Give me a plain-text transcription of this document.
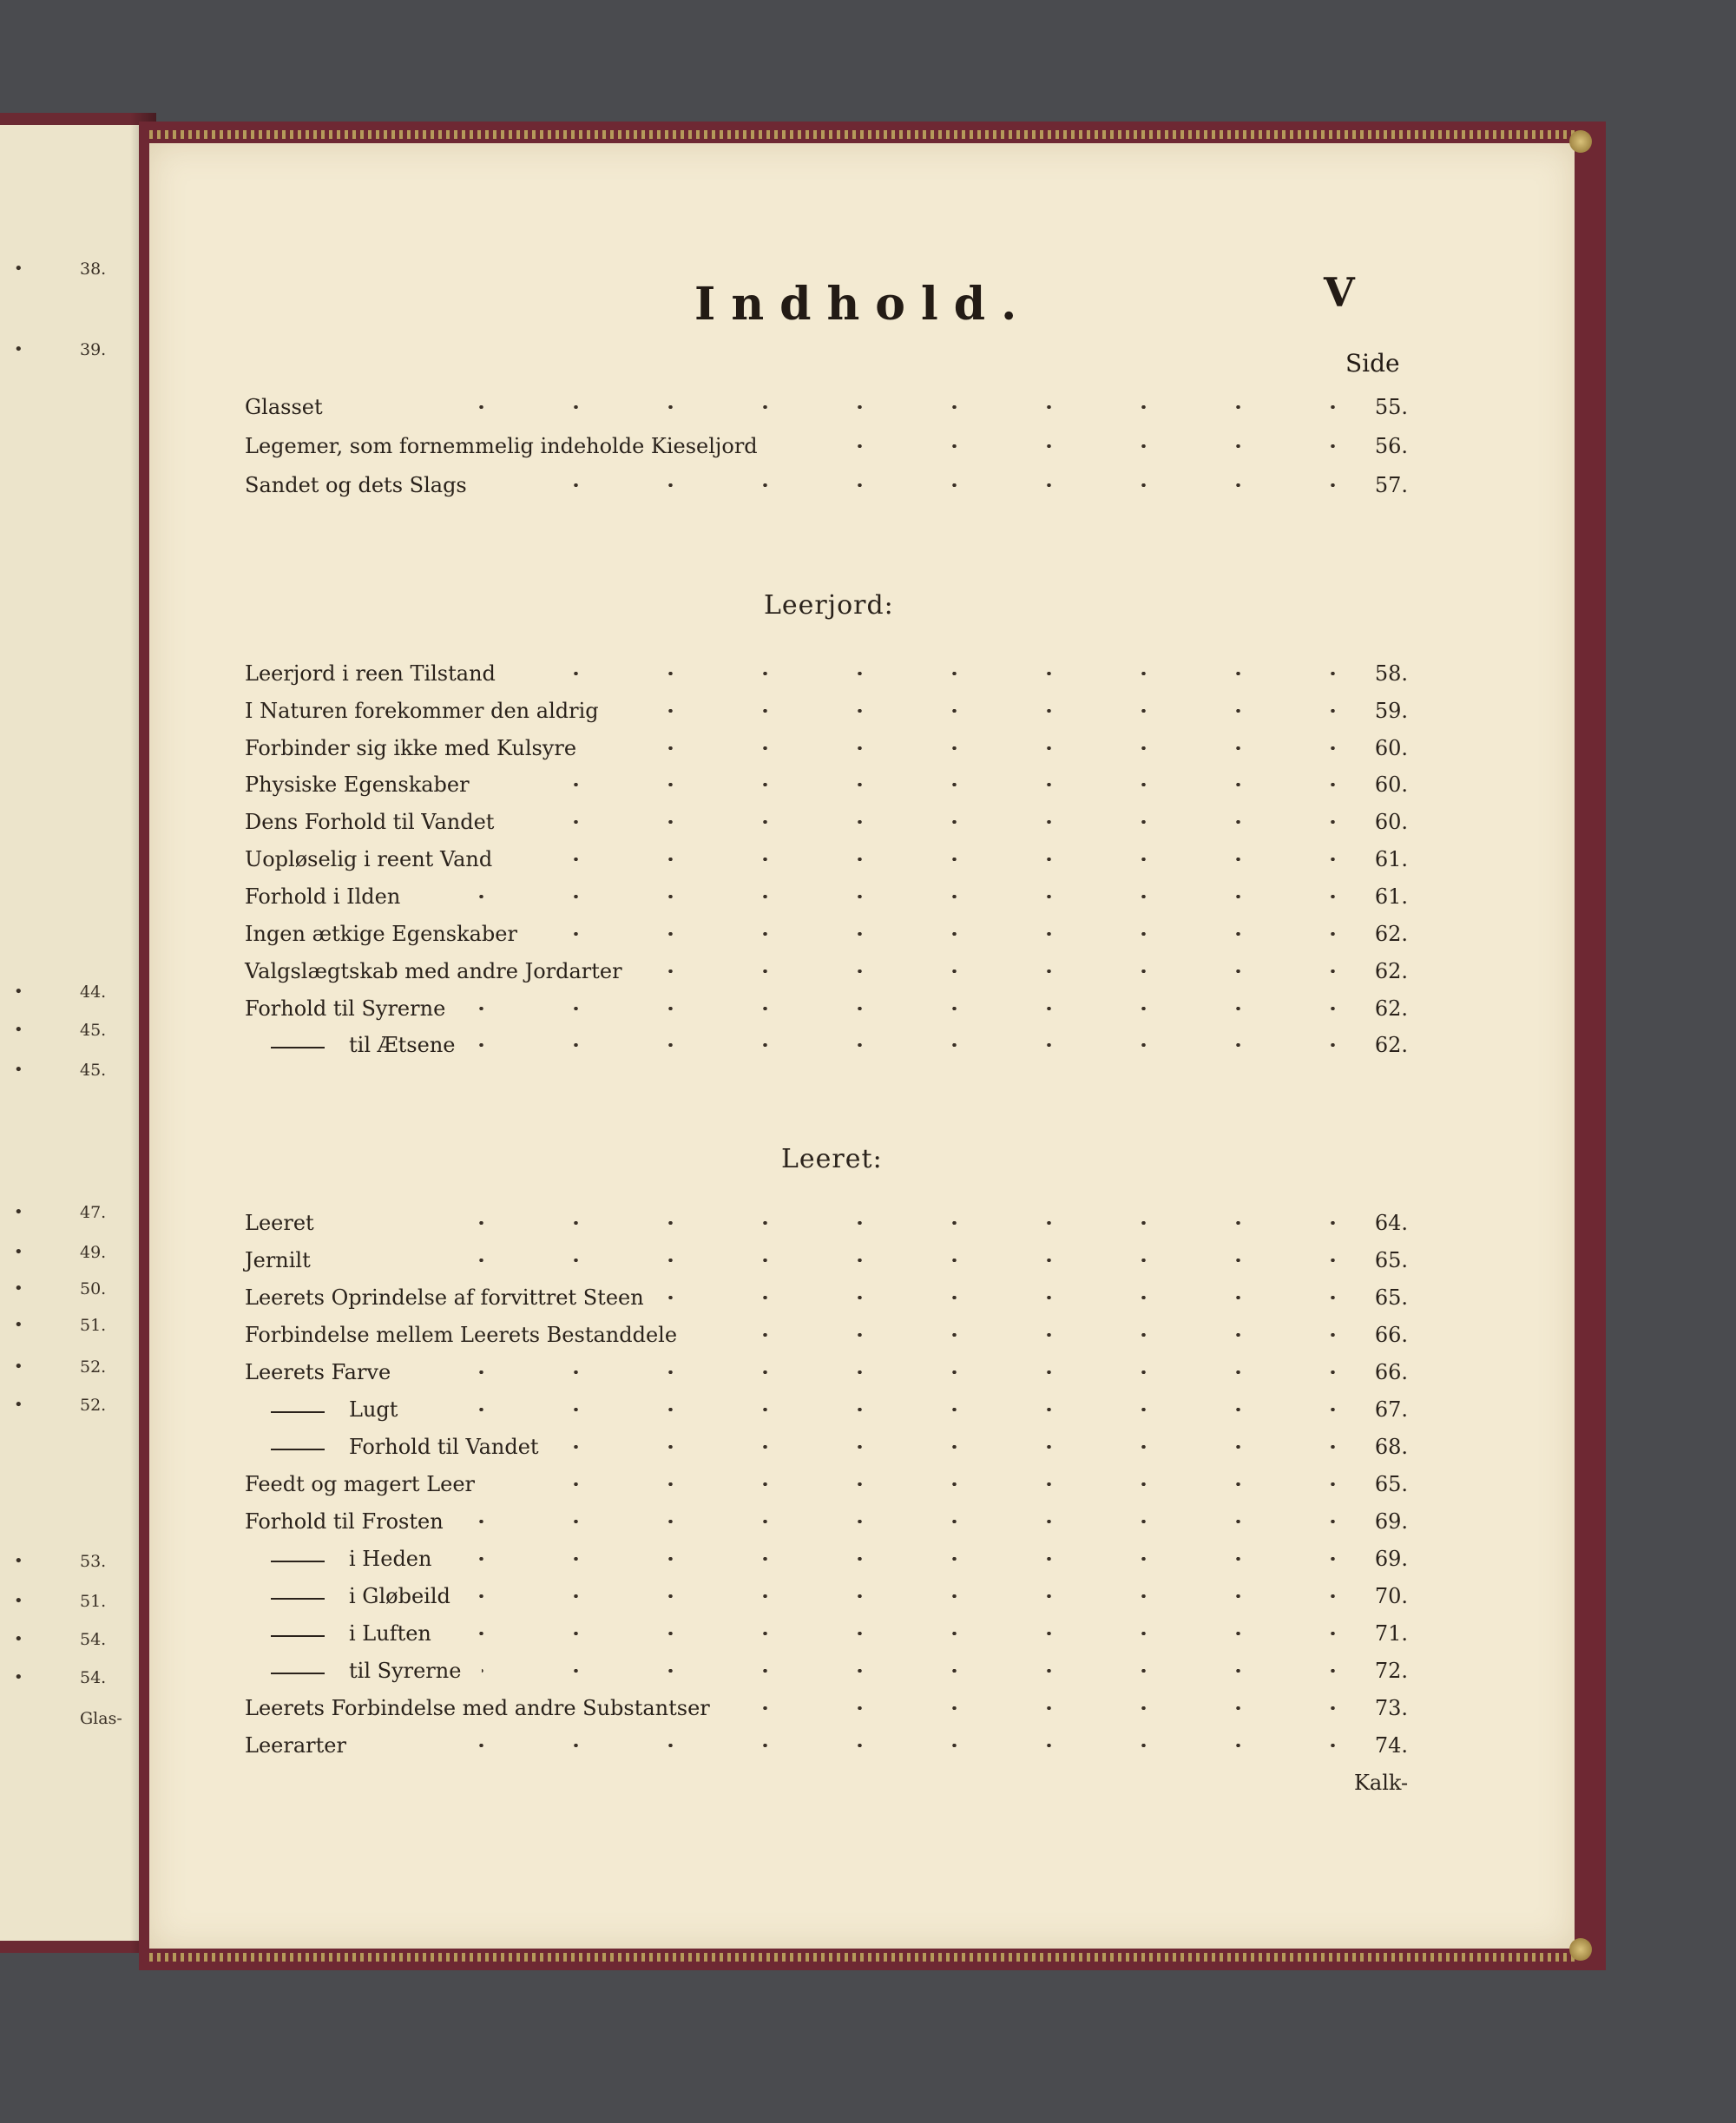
38.
•
39.
•
44.
•
45.
•
45.
•
47.
•
49.
•
50.
•
51.
•
52.
•
52.
•
53.
•
51.
•
54.
•
54.
•
Glas-
Indhold.	V
Side
Glasset	55.
Legemer, som fornemmelig indeholde Kieseljord	56.
Sandet og dets Slags	57.
Leerjord:
Leerjord i reen Tilstand	58.
I Naturen forekommer den aldrig	59.
Forbinder sig ikke med Kulsyre	60.
Physiske Egenskaber	60.
Dens Forhold til Vandet	60.
Uopløselig i reent Vand	61.
Forhold i Ilden	61.
Ingen ætkige Egenskaber	62.
Valgslægtskab med andre Jordarter	62.
Forhold til Syrerne	62.
til Ætsene	62.
Leeret:
Leeret	64.
Jernilt	65.
Leerets Oprindelse af forvittret Steen	65.
Forbindelse mellem Leerets Bestanddele	66.
Leerets Farve	66.
Lugt	67.
Forhold til Vandet	68.
Feedt og magert Leer	65.
Forhold til Frosten	69.
i Heden	69.
i Gløbeild	70.
i Luften	71.
til Syrerne	72.
Leerets Forbindelse med andre Substantser	73.
Leerarter	74.
Kalk-
